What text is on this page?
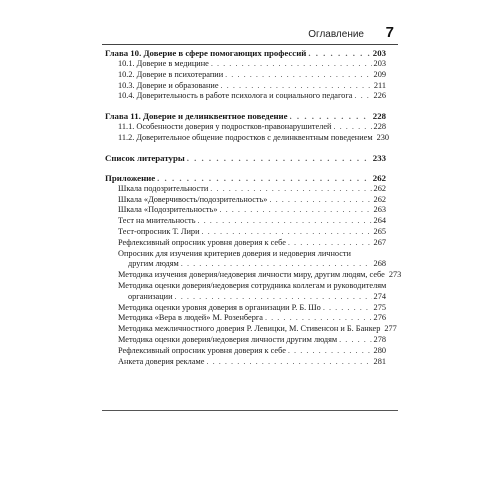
Оглавление 7
Глава 10. Доверие в сфере помогающих профессий . . .	203
10.1. Доверие в медицине . . .	203
10.2. Доверие в психотерапии . . .	209
10.3. Доверие и образование . . .	211
10.4. Доверительность в работе психолога и социального педагога . . .	226
Глава 11. Доверие и делинквентное поведение . . .	228
11.1. Особенности доверия у подростков-правонарушителей . . .	228
11.2. Доверительное общение подростков с делинквентным поведением 230
Список литературы . . .	233
Приложение . . .	262
Шкала подозрительности . . .	262
Шкала «Доверчивость/подозрительность» . . .	262
Шкала «Подозрительность» . . .	263
Тест на мнительность . . .	264
Тест-опросник Т. Лири . . .	265
Рефлексивный опросник уровня доверия к себе . . .	267
Опросник для изучения критериев доверия и недоверия личности
другим людям . . .	268
Методика изучения доверия/недоверия личности миру, другим людям, себе 273
Методика оценки доверия/недоверия сотрудника коллегам и руководителям
организации . . .	274
Методика оценки уровня доверия в организации Р. Б. Шо . . .	275
Методика «Вера в людей» М. Розенберга . . .	276
Методика межличностного доверия Р. Левицки, М. Стивенсон и Б. Банкер 277
Методика оценки доверия/недоверия личности другим людям . . .	278
Рефлексивный опросник уровня доверия к себе . . .	280
Анкета доверия рекламе . . .	281
